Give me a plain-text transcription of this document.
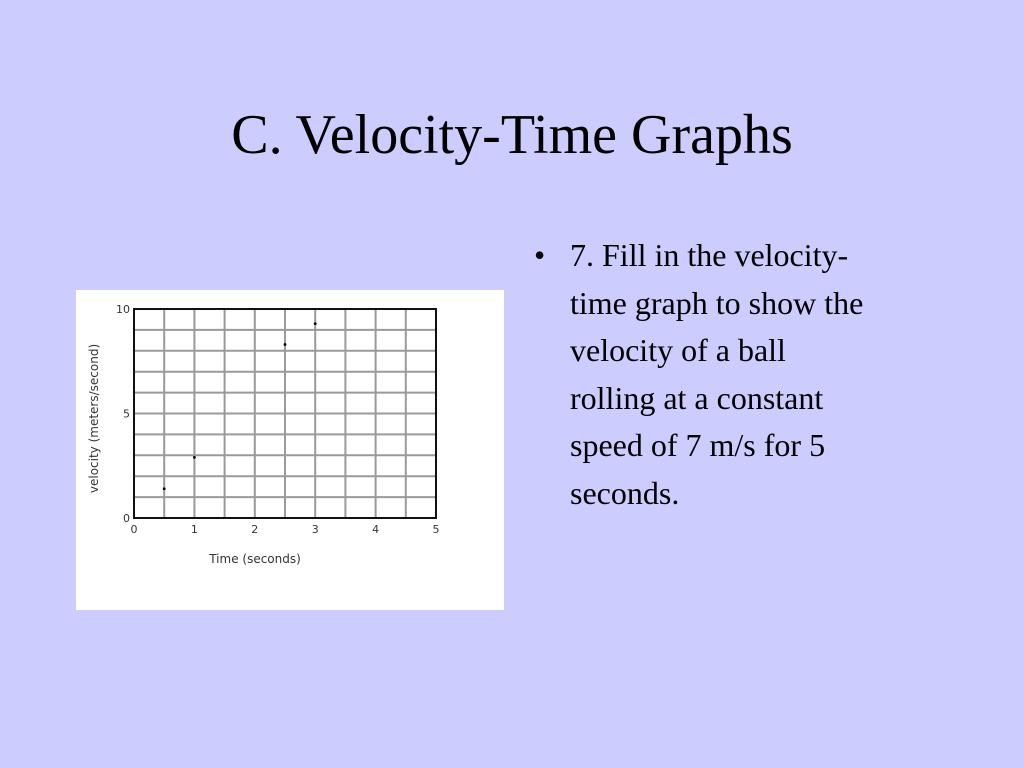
C. Velocity-Time Graphs
0	1	2	3	4	5
0
5
10
Time (seconds)
velocity (meters/second)
• 7. Fill in the velocity-
time graph to show the
velocity of a ball
rolling at a constant
speed of 7 m/s for 5
seconds.
